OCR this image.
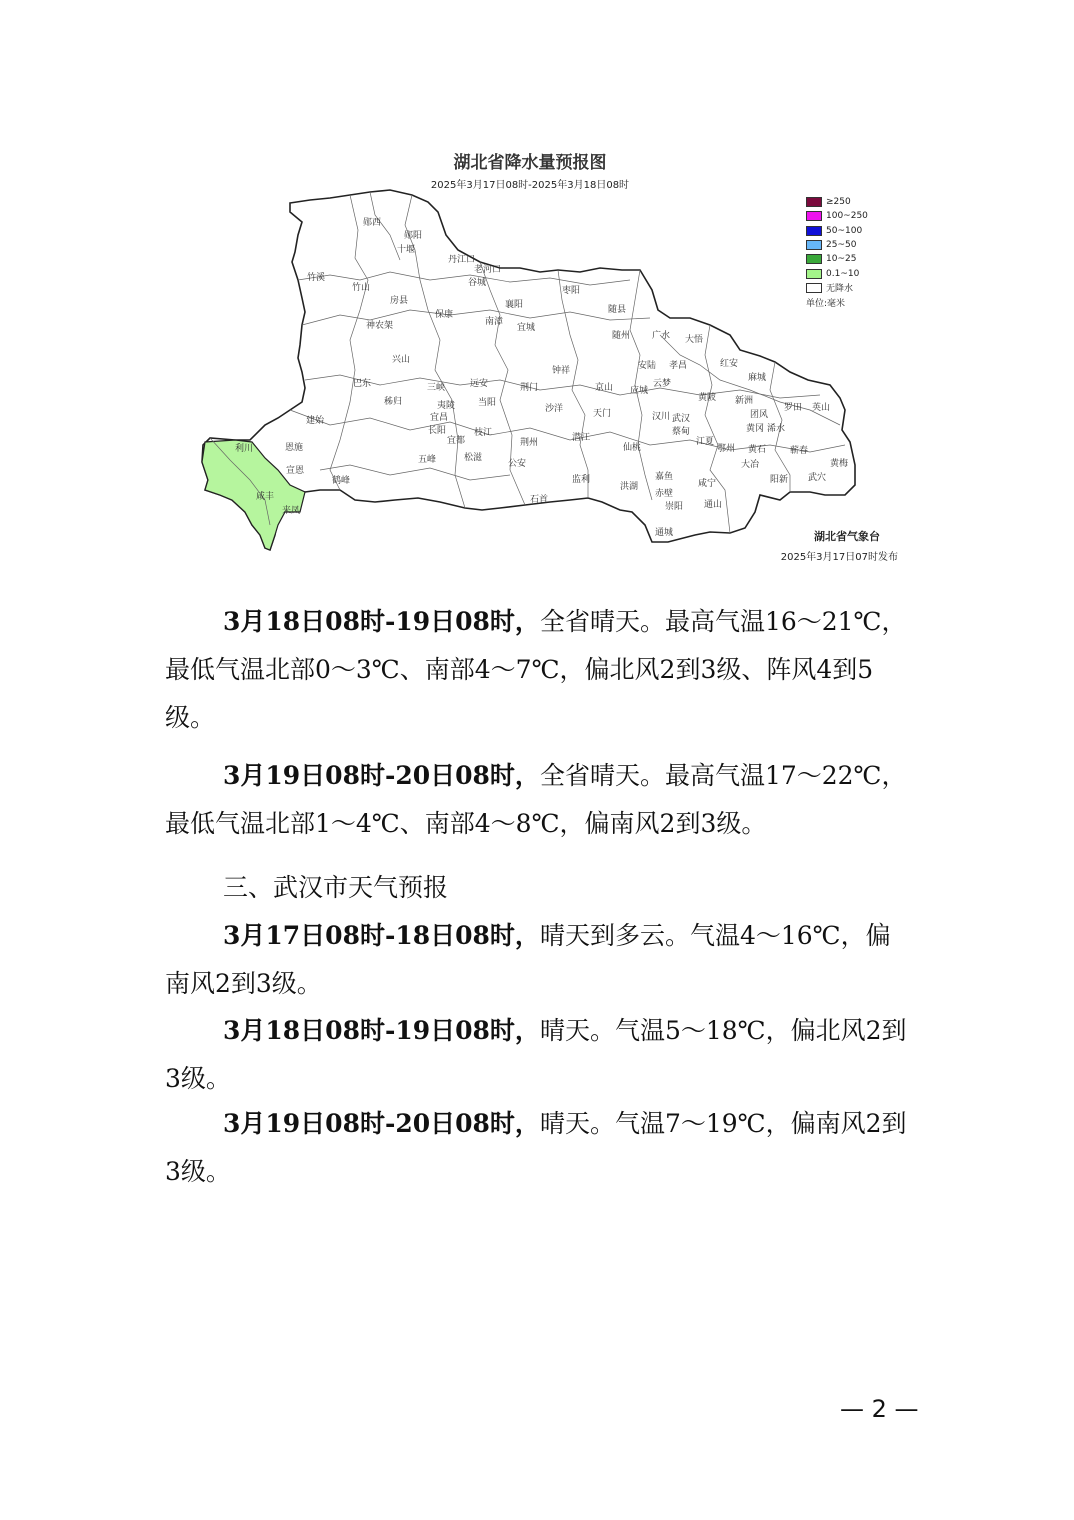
郧西
郧阳
十堰
丹江口
老河口
谷城
襄阳
枣阳
竹溪
竹山
房县
保康
南漳
宜城
随县
神农架
随州 广水 大悟
兴山
钟祥
京山
安陆 孝昌	红安
麻城
巴东	三峡	远安
当阳
荆门	应城
云梦
黄陂 新洲
罗田 英山
秭归	夷陵
宜昌
沙洋	天门	汉川 武汉	团风
浠水
建始
长阳
宜都
枝江
荆州	潜江
仙桃
蔡甸
江夏
黄冈
鄂州 黄石	蕲春
利川	恩施
五峰	松滋
公安
监利
洪湖
嘉鱼
大冶
阳新 武穴
黄梅
宣恩
鹤峰
石首
赤壁
咸宁
通山
咸丰
来凤	崇阳
通城
湖北省降水量预报图
2025年3月17日08时-2025年3月18日08时
≥250
100~250
50~100
25~50
10~25
0.1~10
无降水
单位:毫米
湖北省气象台
2025年3月17日07时发布

3月18日08时-19日08时，全省晴天。最高气温16～21℃，最低气温北部0～3℃、南部4～7℃，偏北风2到3级、阵风4到5级。

3月19日08时-20日08时，全省晴天。最高气温17～22℃，最低气温北部1～4℃、南部4～8℃，偏南风2到3级。

三、武汉市天气预报

3月17日08时-18日08时，晴天到多云。气温4～16℃，偏南风2到3级。

3月18日08时-19日08时，晴天。气温5～18℃，偏北风2到3级。

3月19日08时-20日08时，晴天。气温7～19℃，偏南风2到3级。

— 2 —
